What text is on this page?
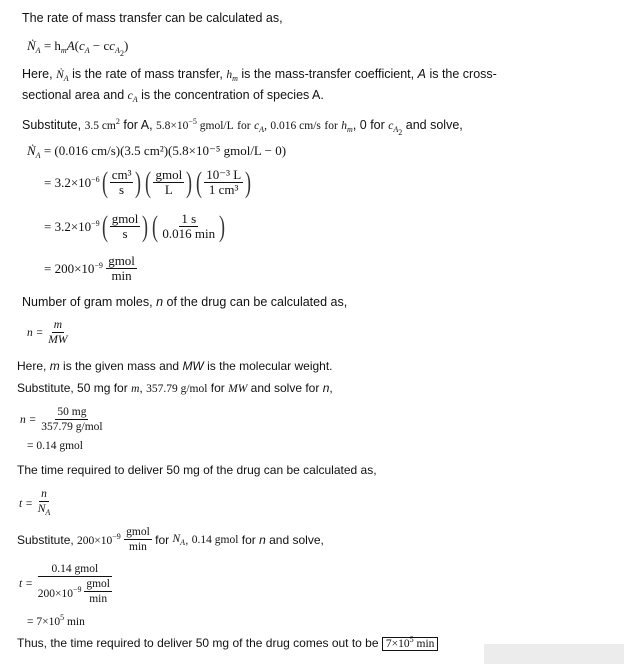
The rate of mass transfer can be calculated as,
Ṅ$_A$ = $h_mA(c_A - cc_{A_2})$
Here, Ṅ$_A$ is the rate of mass transfer, $h_m$ is the mass-transfer coefficient, A is the cross-
sectional area and $c_A$ is the concentration of species A.
Substitute, 3.5 $cm^2$ for A, $5.8\times 10^{-5}$ gmol/L for $c_A$, 0.016 cm/s for $h_m$, 0 for $c_{A_2}$ and solve,
Ṅ$_A$ = (0.016 cm/s)(3.5 cm²)(5.8×10⁻⁵ gmol/L − 0)
= $3.2\times 10^{-6}$ ( $\frac{\text{cm³}}{s}$ ) ( $\frac{\text{gmol}}{L}$ ) ( $\frac{\text{10⁻³ L}}{\text{1 cm³}}$ )
= $3.2\times 10^{-9}$ ( $\frac{\text{gmol}}{s}$ ) ( $\frac{1 s}{0.016 \min}$ )
= $200\times 10^{-9} \frac{\text{gmol}}{\min}$
Number of gram moles, n of the drug can be calculated as,
n =
$\frac{m}{MW}$
Here, m is the given mass and MW is the molecular weight.
Substitute, 50 mg for m, 357.79 g/mol for MW and solve for n,
n =
$\frac{50 mg}{\text{357.79 g/mol}}$
= 0.14 gmol
The time required to deliver 50 mg of the drug can be calculated as,
t =
$\frac{n}{N_A}$
Substitute,
$200\times 10^{-9}$
$\frac{\text{gmol}}{\min}$
for
$N_A$ ,
0.14 gmol
for
n
and solve,
t =
$\frac{\text{0.14 gmol}}{200\times 10^{-9} \frac{\text{gmol}}{\min}}$
= $7\times 10^5$ min
Thus, the time required to deliver 50 mg of the drug comes out to be $7\times 10^5$ min
